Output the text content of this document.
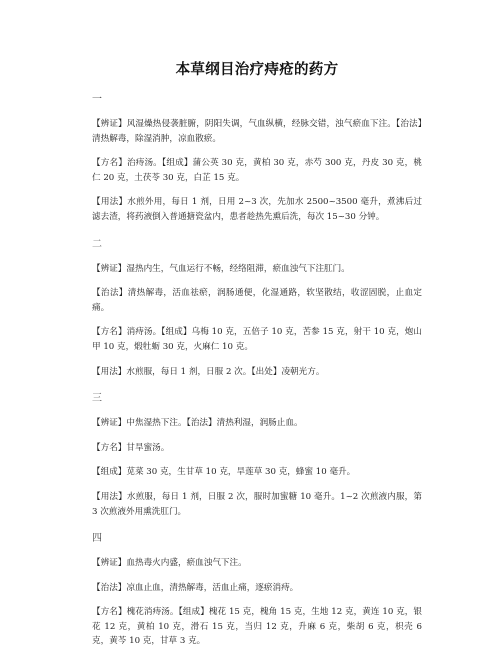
本草纲目治疗痔疮的药方
一

【辨证】风湿燥热侵袭脏腑，阴阳失调，气血纵横，经脉交错，浊气瘀血下注。【治法】清热解毒，除湿消肿，凉血散瘀。

【方名】治痔汤。【组成】蒲公英 30 克，黄柏 30 克，赤芍 300 克，丹皮 30 克，桃仁 20 克，土茯苓 30 克，白芷 15 克。

【用法】水煎外用，每日 1 剂，日用 2~3 次，先加水 2500~3500 毫升，煮沸后过滤去渣，将药液倒入普通搪瓷盆内，患者趁热先熏后洗，每次 15~30 分钟。

二

【辨证】湿热内生，气血运行不畅，经络阻滞，瘀血浊气下注肛门。

【治法】清热解毒，活血祛瘀，润肠通便，化湿通路，软坚散结，收涩固脱，止血定痛。

【方名】消痔汤。【组成】乌梅 10 克，五倍子 10 克，苦参 15 克，射干 10 克，炮山甲 10 克，煅牡蛎 30 克，火麻仁 10 克。

【用法】水煎服，每日 1 剂，日服 2 次。【出处】凌朝光方。

三

【辨证】中焦湿热下注。【治法】清热利湿，润肠止血。

【方名】甘旱蜜汤。

【组成】苋菜 30 克，生甘草 10 克，旱莲草 30 克，蜂蜜 10 毫升。

【用法】水煎服，每日 1 剂，日服 2 次，服时加蜜糖 10 毫升。1~2 次煎液内服，第 3 次煎液外用熏洗肛门。

四

【辨证】血热毒火内盛，瘀血浊气下注。

【治法】凉血止血，清热解毒，活血止痛，逐瘀消痔。

【方名】槐花消痔汤。【组成】槐花 15 克，槐角 15 克，生地 12 克，黄连 10 克，银花 12 克，黄柏 10 克，滑石 15 克，当归 12 克，升麻 6 克，柴胡 6 克，枳壳 6 克，黄芩 10 克，甘草 3 克。
